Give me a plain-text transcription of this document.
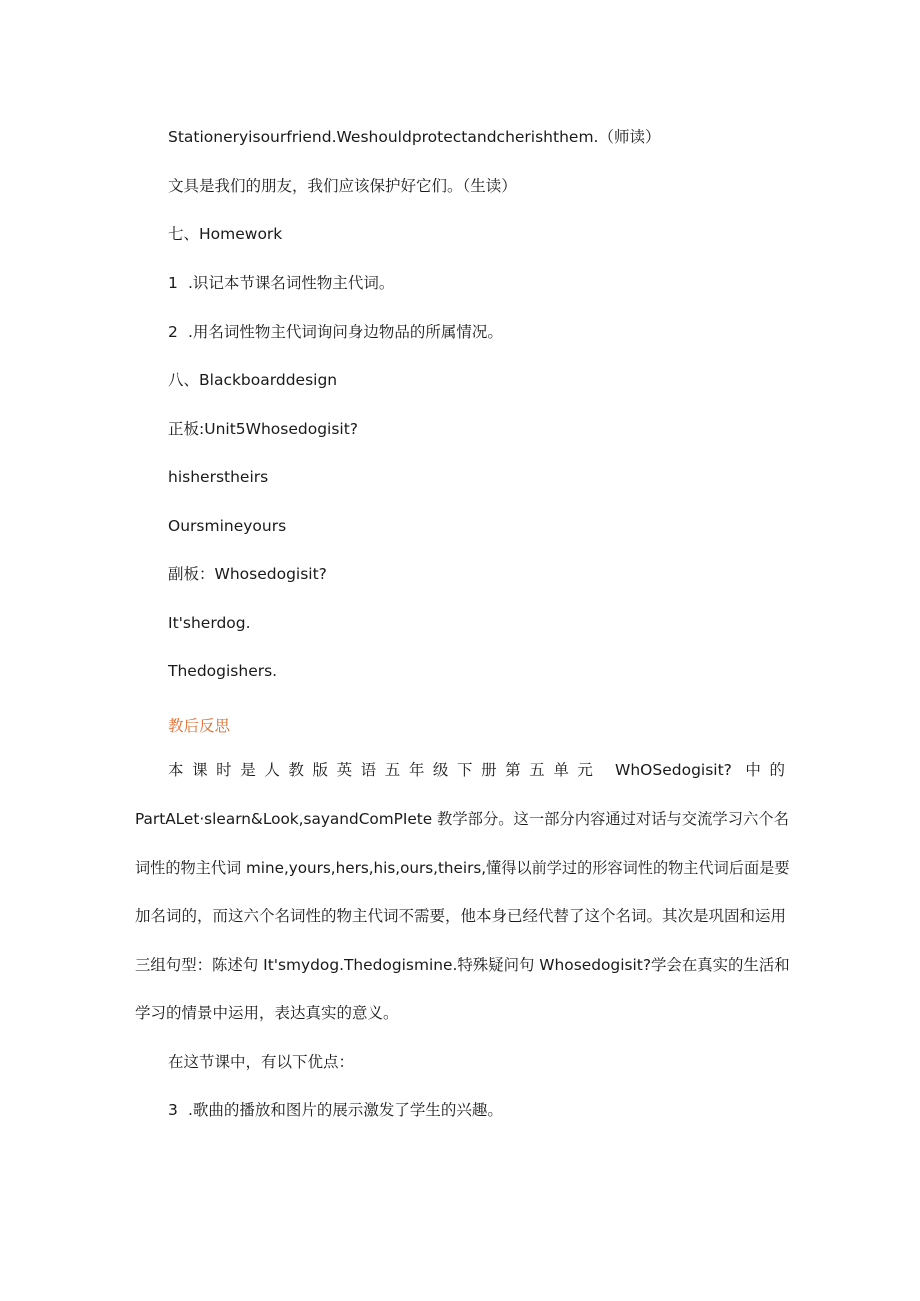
Stationeryisourfriend.Weshouldprotectandcherishthem.（师读）
文具是我们的朋友，我们应该保护好它们。（生读）
七、Homework
1 .识记本节课名词性物主代词。
2 .用名词性物主代词询问身边物品的所属情况。
八、Blackboarddesign
正板:Unit5Whosedogisit?
hisherstheirs
Oursmineyours
副板：Whosedogisit?
It'sherdog.
Thedogishers.
教后反思
本课时是人教版英语五年级下册第五单元 WhOSedogisit? 中的
PartALet·slearn&Look,sayandComPIete 教学部分。这一部分内容通过对话与交流学习六个名
词性的物主代词 mine,yours,hers,his,ours,theirs,懂得以前学过的形容词性的物主代词后面是要
加名词的，而这六个名词性的物主代词不需要，他本身已经代替了这个名词。其次是巩固和运用
三组句型：陈述句 It'smydog.Thedogismine.特殊疑问句 Whosedogisit?学会在真实的生活和
学习的情景中运用，表达真实的意义。
在这节课中，有以下优点：
3 .歌曲的播放和图片的展示激发了学生的兴趣。
